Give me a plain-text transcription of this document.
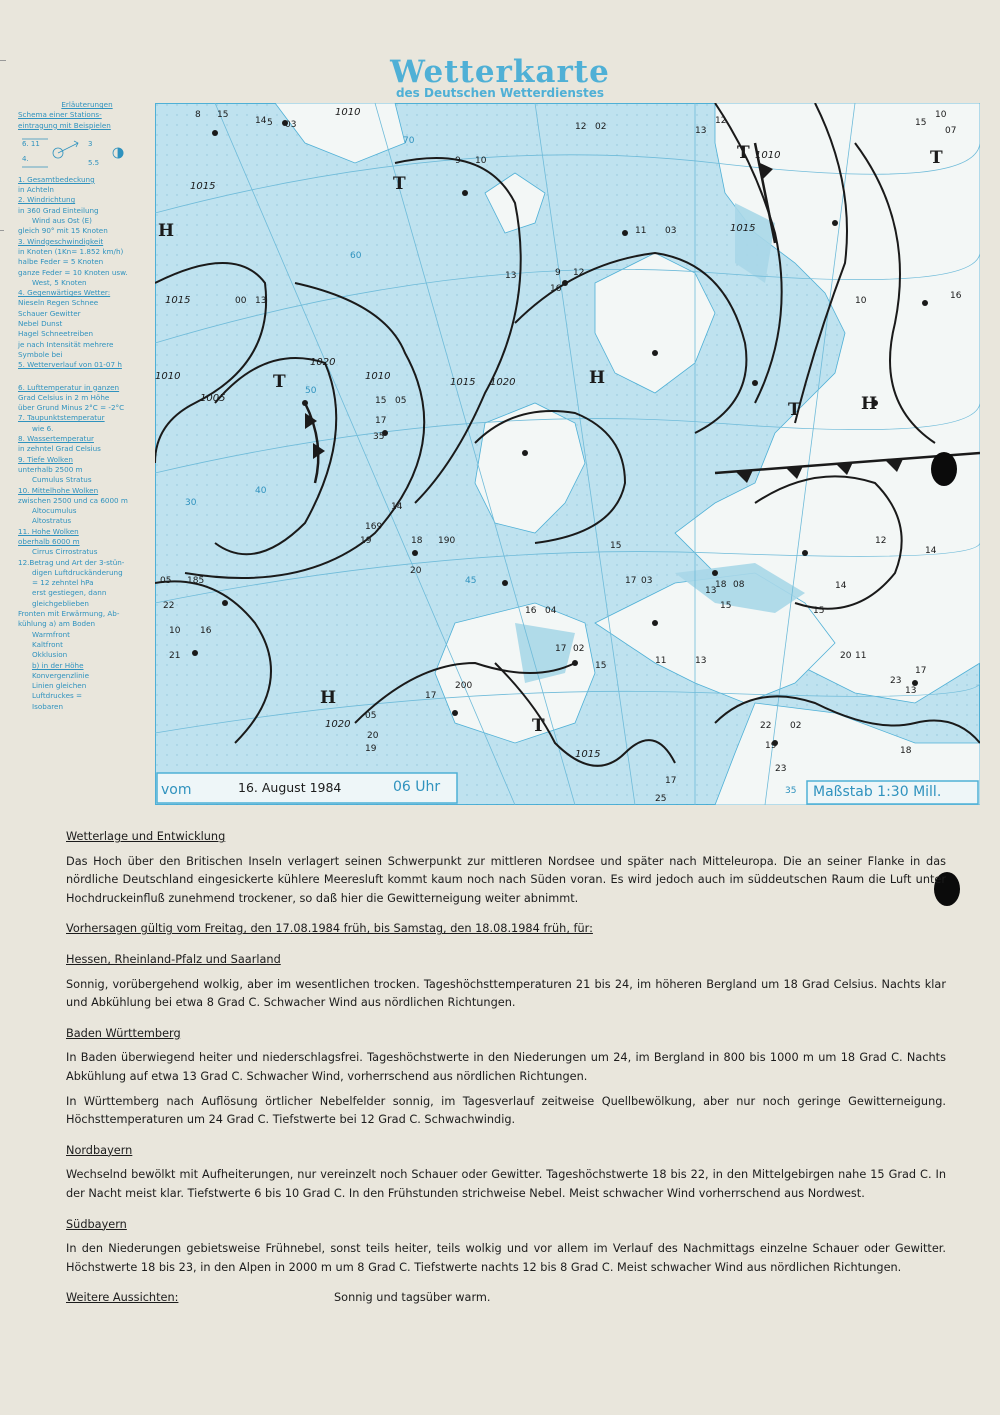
Wetterkarte
des Deutschen Wetterdienstes
Erläuterungen
Schema einer Stations-
eintragung mit Beispielen
6. 11
4.
3
5.5
1. Gesamtbedeckung
in Achteln
2. Windrichtung
in 360 Grad Einteilung
Wind aus Ost (E)
gleich 90° mit 15 Knoten
3. Windgeschwindigkeit
in Knoten (1Kn= 1.852 km/h)
halbe Feder = 5 Knoten
ganze Feder = 10 Knoten usw.
West, 5 Knoten
4. Gegenwärtiges Wetter:
Nieseln Regen Schnee
Schauer Gewitter
Nebel Dunst
Hagel Schneetreiben
je nach Intensität mehrere
Symbole bei
5. Wetterverlauf von 01-07 h
6. Lufttemperatur in ganzen
Grad Celsius in 2 m Höhe
über Grund Minus 2°C = -2°C
7. Taupunktstemperatur
wie 6.
8. Wassertemperatur
in zehntel Grad Celsius
9. Tiefe Wolken
unterhalb 2500 m
Cumulus Stratus
10. Mittelhohe Wolken
zwischen 2500 und ca 6000 m
Altocumulus
Altostratus
11. Hohe Wolken
oberhalb 6000 m
Cirrus Cirrostratus
12.Betrag und Art der 3-stün-
digen Luftdruckänderung
= 12 zehntel hPa
erst gestiegen, dann
gleichgeblieben
Fronten mit Erwärmung, Ab-
kühlung a) am Boden
Warmfront
Kaltfront
Okklusion
b) in der Höhe
Konvergenzlinie
Linien gleichen
Luftdruckes =
Isobaren
8 15
14 5 03	12 02
9 10
13
11 03
16
9 12
00 13
15 05
17
35
14
169
19	18 190
20
05 185
22
10 16
21
05
20
19
17
200
16 04
17 02
15
17 03
13
15
18 08
15
14
20 11
23
13
22 02
19
23
17
25
10
15
07
13
12
10	16
17
18
14
12
13
11
15
1010
1015
1020
1005
1010
1015
1010
1020
1015
1010
1015
1020
1015
70
60
50
45
40
35
30
H
T
T	H
T	T
T	H
H
T
vom	16. August 1984	06 Uhr	Maßstab 1:30 Mill.
Wetterlage und Entwicklung

Das Hoch über den Britischen Inseln verlagert seinen Schwerpunkt zur mittleren Nordsee und später nach Mitteleuropa. Die an seiner Flanke in das nördliche Deutschland eingesickerte kühlere Meeresluft kommt kaum noch nach Süden voran. Es wird jedoch auch im süddeutschen Raum die Luft unter Hochdruckeinfluß zunehmend trockener, so daß hier die Gewitterneigung weiter abnimmt.

Vorhersagen gültig vom Freitag, den 17.08.1984 früh, bis Samstag, den 18.08.1984 früh, für:
Hessen, Rheinland-Pfalz und Saarland

Sonnig, vorübergehend wolkig, aber im wesentlichen trocken. Tageshöchsttemperaturen 21 bis 24, im höheren Bergland um 18 Grad Celsius. Nachts klar und Abkühlung bei etwa 8 Grad C. Schwacher Wind aus nördlichen Richtungen.

Baden Württemberg

In Baden überwiegend heiter und niederschlagsfrei. Tageshöchstwerte in den Niederungen um 24, im Bergland in 800 bis 1000 m um 18 Grad C. Nachts Abkühlung auf etwa 13 Grad C. Schwacher Wind, vorherrschend aus nördlichen Richtungen.

In Württemberg nach Auflösung örtlicher Nebelfelder sonnig, im Tagesverlauf zeitweise Quellbewölkung, aber nur noch geringe Gewitterneigung. Höchsttemperaturen um 24 Grad C. Tiefstwerte bei 12 Grad C. Schwachwindig.

Nordbayern

Wechselnd bewölkt mit Aufheiterungen, nur vereinzelt noch Schauer oder Gewitter. Tageshöchstwerte 18 bis 22, in den Mittelgebirgen nahe 15 Grad C. In der Nacht meist klar. Tiefstwerte 6 bis 10 Grad C. In den Frühstunden strichweise Nebel. Meist schwacher Wind vorherrschend aus Nordwest.

Südbayern

In den Niederungen gebietsweise Frühnebel, sonst teils heiter, teils wolkig und vor allem im Verlauf des Nachmittags einzelne Schauer oder Gewitter. Höchstwerte 18 bis 23, in den Alpen in 2000 m um 8 Grad C. Tiefstwerte nachts 12 bis 8 Grad C. Meist schwacher Wind aus nördlichen Richtungen.

Weitere Aussichten:	Sonnig und tagsüber warm.
